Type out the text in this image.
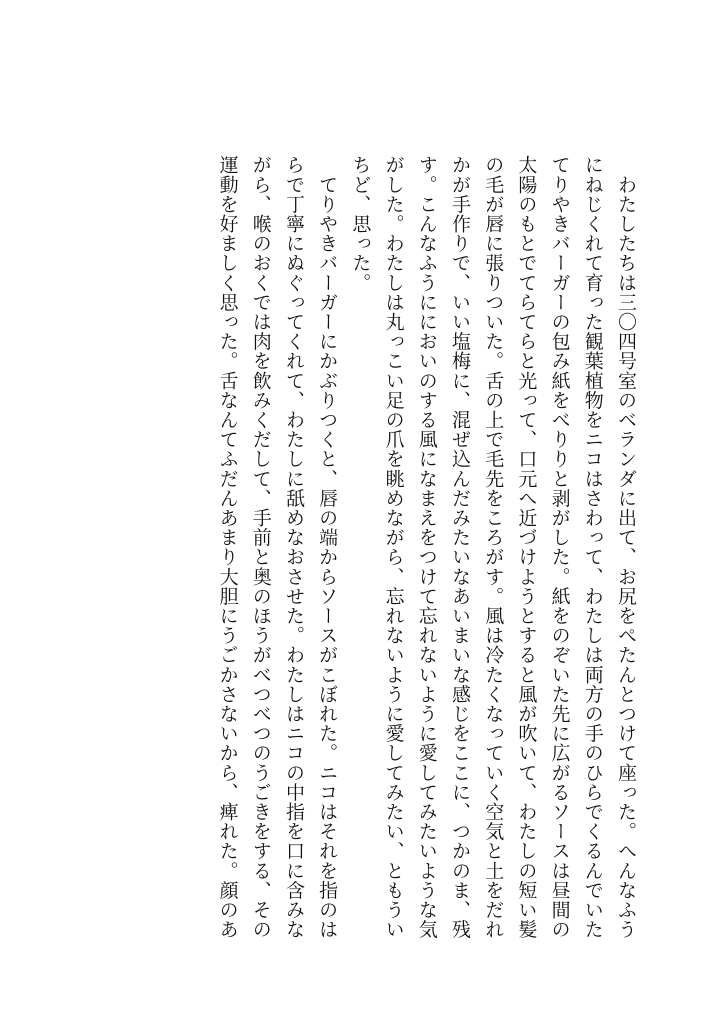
　わたしたちは三〇四号室のベランダに出て、お尻をぺたんとつけて座った。へんなふう
にねじくれて育った観葉植物をニコはさわって、わたしは両方の手のひらでくるんでいた
てりやきバーガーの包み紙をべりりと剥がした。紙をのぞいた先に広がるソースは昼間の
太陽のもとでてらてらと光って、口元へ近づけようとすると風が吹いて、わたしの短い髪
の毛が唇に張りついた。舌の上で毛先をころがす。風は冷たくなっていく空気と土をだれ
かが手作りで、いい塩梅に、混ぜ込んだみたいなあいまいな感じをここに、つかのま、残
す。こんなふうににおいのする風になまえをつけて忘れないように愛してみたいような気
がした。わたしは丸っこい足の爪を眺めながら、忘れないように愛してみたい、ともうい
ちど、思った。
　てりやきバーガーにかぶりつくと、唇の端からソースがこぼれた。ニコはそれを指のは
らで丁寧にぬぐってくれて、わたしに舐めなおさせた。わたしはニコの中指を口に含みな
がら、喉のおくでは肉を飲みくだして、手前と奥のほうがべつべつのうごきをする、その
運動を好ましく思った。舌なんてふだんあまり大胆にうごかさないから、痺れた。顔のあ
